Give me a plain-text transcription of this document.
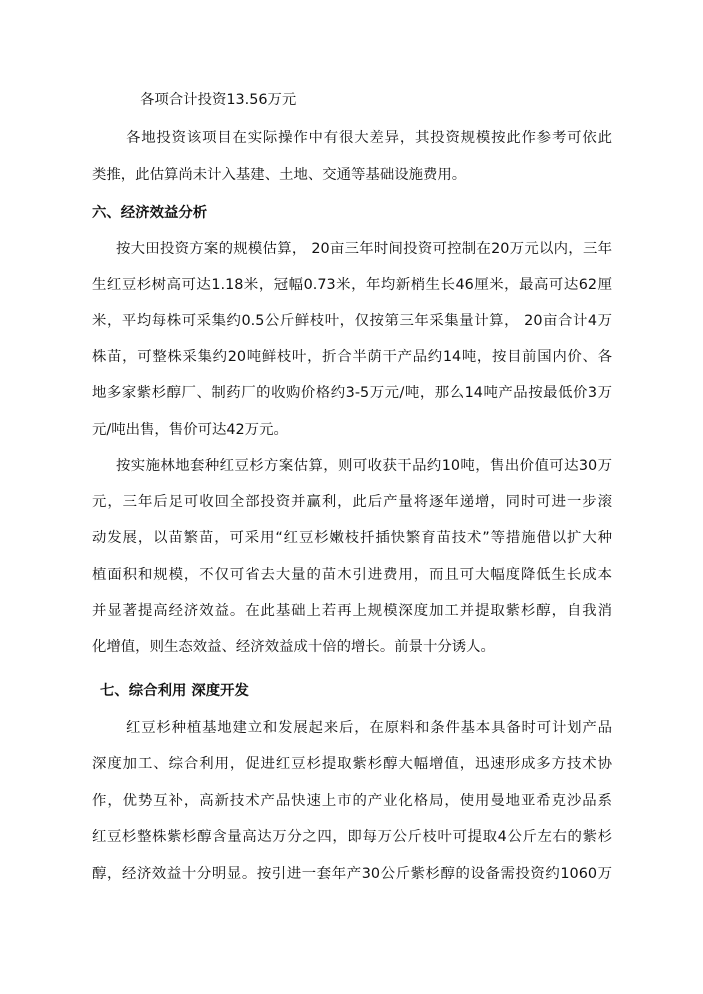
各项合计投资13.56万元
各地投资该项目在实际操作中有很大差异，其投资规模按此作参考可依此
类推，此估算尚未计入基建、土地、交通等基础设施费用。
六、经济效益分析
按大田投资方案的规模估算， 20亩三年时间投资可控制在20万元以内，三年
生红豆杉树高可达1.18米，冠幅0.73米，年均新梢生长46厘米，最高可达62厘
米，平均每株可采集约0.5公斤鲜枝叶，仅按第三年采集量计算， 20亩合计4万
株苗，可整株采集约20吨鲜枝叶，折合半荫干产品约14吨，按目前国内价、各
地多家紫杉醇厂、制药厂的收购价格约3-5万元/吨，那么14吨产品按最低价3万
元/吨出售，售价可达42万元。
按实施林地套种红豆杉方案估算，则可收获干品约10吨，售出价值可达30万
元，三年后足可收回全部投资并赢利，此后产量将逐年递增，同时可进一步滚
动发展，以苗繁苗，可采用“红豆杉嫩枝扦插快繁育苗技术”等措施借以扩大种
植面积和规模，不仅可省去大量的苗木引进费用，而且可大幅度降低生长成本
并显著提高经济效益。在此基础上若再上规模深度加工并提取紫杉醇，自我消
化增值，则生态效益、经济效益成十倍的增长。前景十分诱人。
七、综合利用 深度开发
红豆杉种植基地建立和发展起来后，在原料和条件基本具备时可计划产品
深度加工、综合利用，促进红豆杉提取紫杉醇大幅增值，迅速形成多方技术协
作，优势互补，高新技术产品快速上市的产业化格局，使用曼地亚希克沙品系
红豆杉整株紫杉醇含量高达万分之四，即每万公斤枝叶可提取4公斤左右的紫杉
醇，经济效益十分明显。按引进一套年产30公斤紫杉醇的设备需投资约1060万
